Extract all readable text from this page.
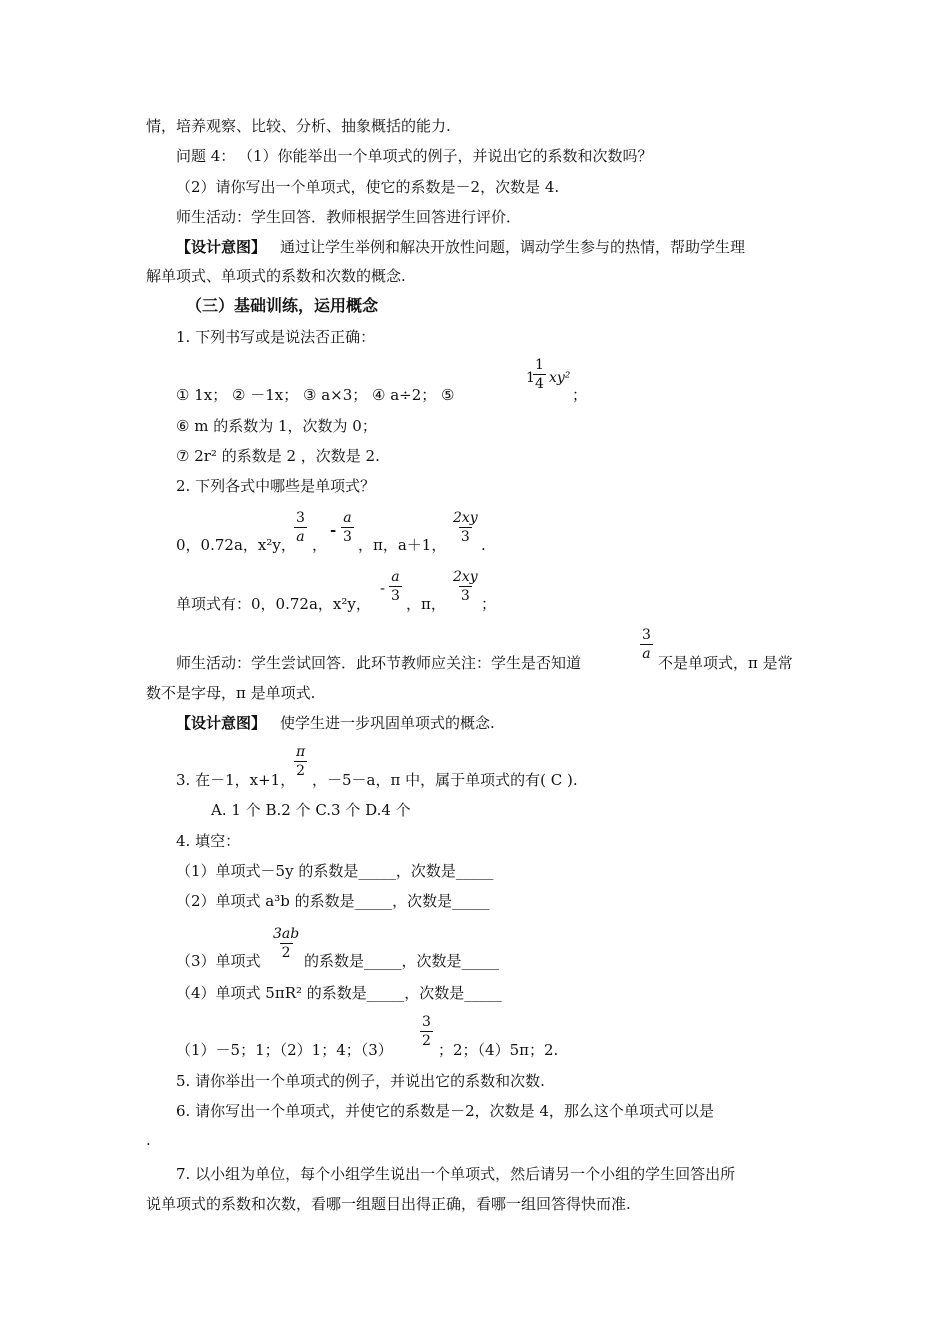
情，培养观察、比较、分析、抽象概括的能力.
问题 4： （1）你能举出一个单项式的例子，并说出它的系数和次数吗？
（2）请你写出一个单项式，使它的系数是－2，次数是 4.
师生活动：学生回答．教师根据学生回答进行评价．
【设计意图】 通过让学生举例和解决开放性问题，调动学生参与的热情，帮助学生理
解单项式、单项式的系数和次数的概念.
（三）基础训练，运用概念
1. 下列书写或是说法否正确：
① 1x； ② －1x； ③ a×3； ④ a÷2； ⑤
1
$\frac{1}{4} xy^2$
；
⑥ m 的系数为 1，次数为 0；
⑦ 2r² 的系数是 2 ，次数是 2.
2. 下列各式中哪些是单项式？
0，0.72a，x²y，
$\frac{3}{a}$ ，
- $\frac{a}{3}$ ，π，a＋1， $\frac{2xy}{3}$ .
单项式有：0，0.72a，x²y，
- $\frac{a}{3}$ ，π， $\frac{2xy}{3}$ ；
师生活动：学生尝试回答．此环节教师应关注：学生是否知道	$\frac{3}{a}$ 不是单项式，π 是常
数不是字母，π 是单项式.
【设计意图】 使学生进一步巩固单项式的概念.
3. 在－1，x+1，
$\frac{\pi}{2}$ ，－5－a，π 中，属于单项式的有( C ).
A. 1 个 B.2 个 C.3 个 D.4 个
4. 填空：
（1）单项式－5y 的系数是_____，次数是_____
（2）单项式 a³b 的系数是_____，次数是_____
（3）单项式 $\frac{3ab}{2}$ 的系数是_____，次数是_____
（4）单项式 5πR² 的系数是_____，次数是_____
（1）－5；1；（2）1；4；$(3) \frac{3}{2}$ ；2；（4）5π；2.
5. 请你举出一个单项式的例子，并说出它的系数和次数.
6. 请你写出一个单项式，并使它的系数是－2，次数是 4，那么这个单项式可以是
.
7. 以小组为单位，每个小组学生说出一个单项式，然后请另一个小组的学生回答出所
说单项式的系数和次数，看哪一组题目出得正确，看哪一组回答得快而准.
